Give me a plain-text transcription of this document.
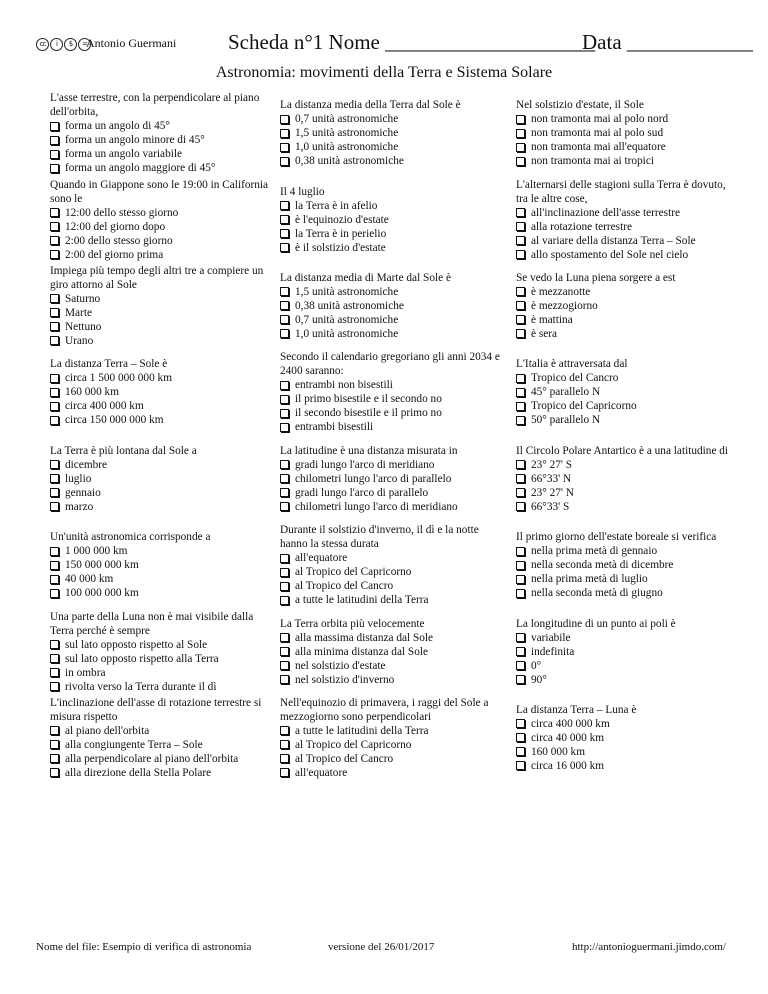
cc i $ = Antonio Guermani Scheda n°1 Nome ____________________
Data ____________
Astronomia: movimenti della Terra e Sistema Solare
L'asse terrestre, con la perpendicolare al piano dell'orbita,
forma un angolo di 45°
forma un angolo minore di 45°
forma un angolo variabile
forma un angolo maggiore di 45°
La distanza media della Terra dal Sole è
0,7 unità astronomiche
1,5 unità astronomiche
1,0 unità astronomiche
0,38 unità astronomiche
Nel solstizio d'estate, il Sole
non tramonta mai al polo nord
non tramonta mai al polo sud
non tramonta mai all'equatore
non tramonta mai ai tropici
Quando in Giappone sono le 19:00 in California sono le
12:00 dello stesso giorno
12:00 del giorno dopo
2:00 dello stesso giorno
2:00 del giorno prima
Il 4 luglio
la Terra è in afelio
è l'equinozio d'estate
la Terra è in perielio
è il solstizio d'estate
L'alternarsi delle stagioni sulla Terra è dovuto, tra le altre cose,
all'inclinazione dell'asse terrestre
alla rotazione terrestre
al variare della distanza Terra – Sole
allo spostamento del Sole nel cielo
Impiega più tempo degli altri tre a compiere un giro attorno al Sole
Saturno
Marte
Nettuno
Urano
La distanza media di Marte dal Sole è
1,5 unità astronomiche
0,38 unità astronomiche
0,7 unità astronomiche
1,0 unità astronomiche
Se vedo la Luna piena sorgere a est
è mezzanotte
è mezzogiorno
è mattina
è sera
La distanza Terra – Sole è
circa 1 500 000 000 km
160 000 km
circa 400 000 km
circa 150 000 000 km
Secondo il calendario gregoriano gli anni 2034 e 2400 saranno:
entrambi non bisestili
il primo bisestile e il secondo no
il secondo bisestile e il primo no
entrambi bisestili
L'Italia è attraversata dal
Tropico del Cancro
45° parallelo N
Tropico del Capricorno
50° parallelo N
La Terra è più lontana dal Sole a
dicembre
luglio
gennaio
marzo
La latitudine è una distanza misurata in
gradi lungo l'arco di meridiano
chilometri lungo l'arco di parallelo
gradi lungo l'arco di parallelo
chilometri lungo l'arco di meridiano
Il Circolo Polare Antartico è a una latitudine di
23° 27' S
66°33' N
23° 27' N
66°33' S
Un'unità astronomica corrisponde a
1 000 000 km
150 000 000 km
40 000 km
100 000 000 km
Durante il solstizio d'inverno, il dì e la notte hanno la stessa durata
all'equatore
al Tropico del Capricorno
al Tropico del Cancro
a tutte le latitudini della Terra
Il primo giorno dell'estate boreale si verifica
nella prima metà di gennaio
nella seconda metà di dicembre
nella prima metà di luglio
nella seconda metà di giugno
Una parte della Luna non è mai visibile dalla Terra perché è sempre
sul lato opposto rispetto al Sole
sul lato opposto rispetto alla Terra
in ombra
rivolta verso la Terra durante il dì
La Terra orbita più velocemente
alla massima distanza dal Sole
alla minima distanza dal Sole
nel solstizio d'estate
nel solstizio d'inverno
La longitudine di un punto ai poli è
variabile
indefinita
0°
90°
L'inclinazione dell'asse di rotazione terrestre si misura rispetto
al piano dell'orbita
alla congiungente Terra – Sole
alla perpendicolare al piano dell'orbita
alla direzione della Stella Polare
Nell'equinozio di primavera, i raggi del Sole a mezzogiorno sono perpendicolari
a tutte le latitudini della Terra
al Tropico del Capricorno
al Tropico del Cancro
all'equatore
La distanza Terra – Luna è
circa 400 000 km
circa 40 000 km
160 000 km
circa 16 000 km
Nome del file: Esempio di verifica di astronomia	versione del 26/01/2017	http://antonioguermani.jimdo.com/
